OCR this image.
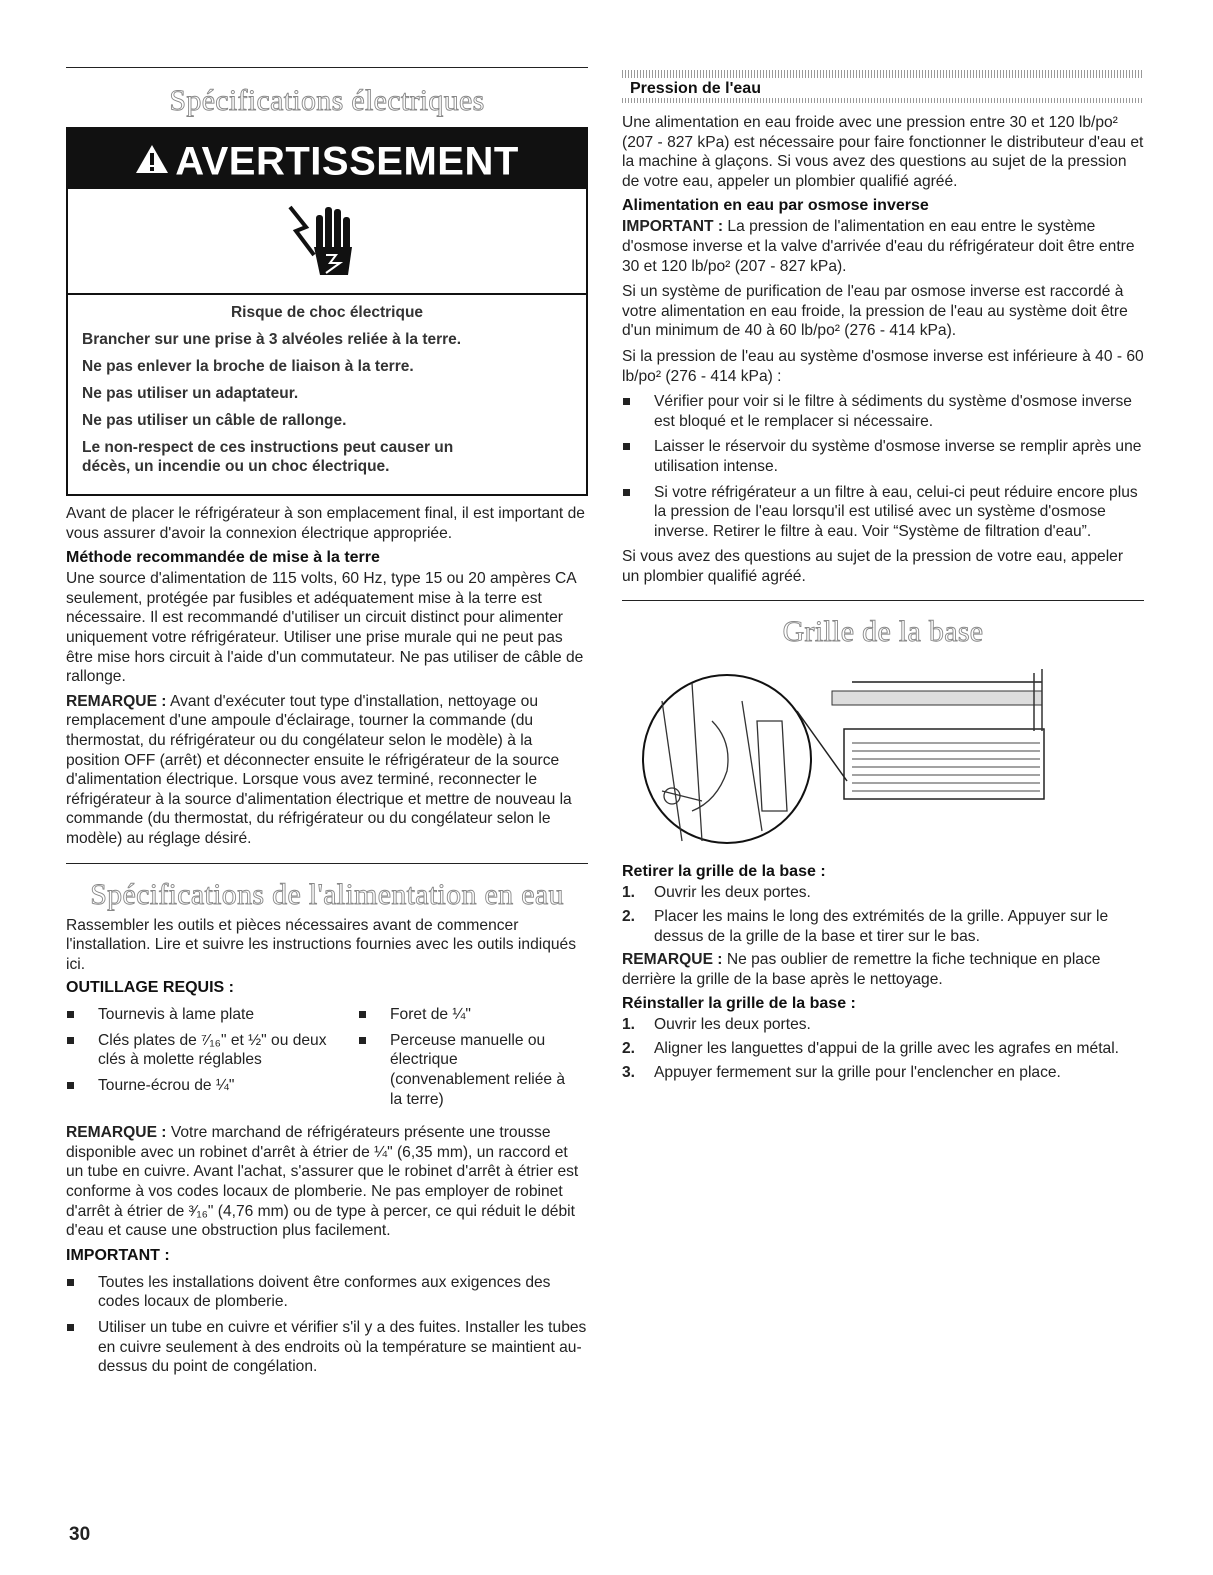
Spécifications électriques
AVERTISSEMENT

Risque de choc électrique

Brancher sur une prise à 3 alvéoles reliée à la terre.

Ne pas enlever la broche de liaison à la terre.

Ne pas utiliser un adaptateur.

Ne pas utiliser un câble de rallonge.

Le non-respect de ces instructions peut causer un décès, un incendie ou un choc électrique.

Avant de placer le réfrigérateur à son emplacement final, il est important de vous assurer d'avoir la connexion électrique appropriée.

Méthode recommandée de mise à la terre

Une source d'alimentation de 115 volts, 60 Hz, type 15 ou 20 ampères CA seulement, protégée par fusibles et adéquatement mise à la terre est nécessaire. Il est recommandé d'utiliser un circuit distinct pour alimenter uniquement votre réfrigérateur. Utiliser une prise murale qui ne peut pas être mise hors circuit à l'aide d'un commutateur. Ne pas utiliser de câble de rallonge.

REMARQUE : Avant d'exécuter tout type d'installation, nettoyage ou remplacement d'une ampoule d'éclairage, tourner la commande (du thermostat, du réfrigérateur ou du congélateur selon le modèle) à la position OFF (arrêt) et déconnecter ensuite le réfrigérateur de la source d'alimentation électrique. Lorsque vous avez terminé, reconnecter le réfrigérateur à la source d'alimentation électrique et mettre de nouveau la commande (du thermostat, du réfrigérateur ou du congélateur selon le modèle) au réglage désiré.

Spécifications de l'alimentation en eau

Rassembler les outils et pièces nécessaires avant de commencer l'installation. Lire et suivre les instructions fournies avec les outils indiqués ici.

OUTILLAGE REQUIS :
Tournevis à lame plate
Clés plates de ⁷⁄₁₆" et ½" ou deux clés à molette réglables
Tourne-écrou de ¼"
Foret de ¼"
Perceuse manuelle ou électrique (convenablement reliée à la terre)

REMARQUE : Votre marchand de réfrigérateurs présente une trousse disponible avec un robinet d'arrêt à étrier de ¼" (6,35 mm), un raccord et un tube en cuivre. Avant l'achat, s'assurer que le robinet d'arrêt à étrier est conforme à vos codes locaux de plomberie. Ne pas employer de robinet d'arrêt à étrier de ³⁄₁₆" (4,76 mm) ou de type à percer, ce qui réduit le débit d'eau et cause une obstruction plus facilement.

IMPORTANT :
Toutes les installations doivent être conformes aux exigences des codes locaux de plomberie.
Utiliser un tube en cuivre et vérifier s'il y a des fuites. Installer les tubes en cuivre seulement à des endroits où la température se maintient au-dessus du point de congélation.
30
Pression de l'eau

Une alimentation en eau froide avec une pression entre 30 et 120 lb/po² (207 - 827 kPa) est nécessaire pour faire fonctionner le distributeur d'eau et la machine à glaçons. Si vous avez des questions au sujet de la pression de votre eau, appeler un plombier qualifié agréé.

Alimentation en eau par osmose inverse

IMPORTANT : La pression de l'alimentation en eau entre le système d'osmose inverse et la valve d'arrivée d'eau du réfrigérateur doit être entre 30 et 120 lb/po² (207 - 827 kPa).

Si un système de purification de l'eau par osmose inverse est raccordé à votre alimentation en eau froide, la pression de l'eau au système doit être d'un minimum de 40 à 60 lb/po² (276 - 414 kPa).

Si la pression de l'eau au système d'osmose inverse est inférieure à 40 - 60 lb/po² (276 - 414 kPa) :

Vérifier pour voir si le filtre à sédiments du système d'osmose inverse est bloqué et le remplacer si nécessaire.
Laisser le réservoir du système d'osmose inverse se remplir après une utilisation intense.
Si votre réfrigérateur a un filtre à eau, celui-ci peut réduire encore plus la pression de l'eau lorsqu'il est utilisé avec un système d'osmose inverse. Retirer le filtre à eau. Voir “Système de filtration d'eau”.

Si vous avez des questions au sujet de la pression de votre eau, appeler un plombier qualifié agréé.

Grille de la base
Retirer la grille de la base :
1. Ouvrir les deux portes.
2. Placer les mains le long des extrémités de la grille. Appuyer sur le dessus de la grille de la base et tirer sur le bas.

REMARQUE : Ne pas oublier de remettre la fiche technique en place derrière la grille de la base après le nettoyage.

Réinstaller la grille de la base :
1. Ouvrir les deux portes.
2. Aligner les languettes d'appui de la grille avec les agrafes en métal.
3. Appuyer fermement sur la grille pour l'enclencher en place.
